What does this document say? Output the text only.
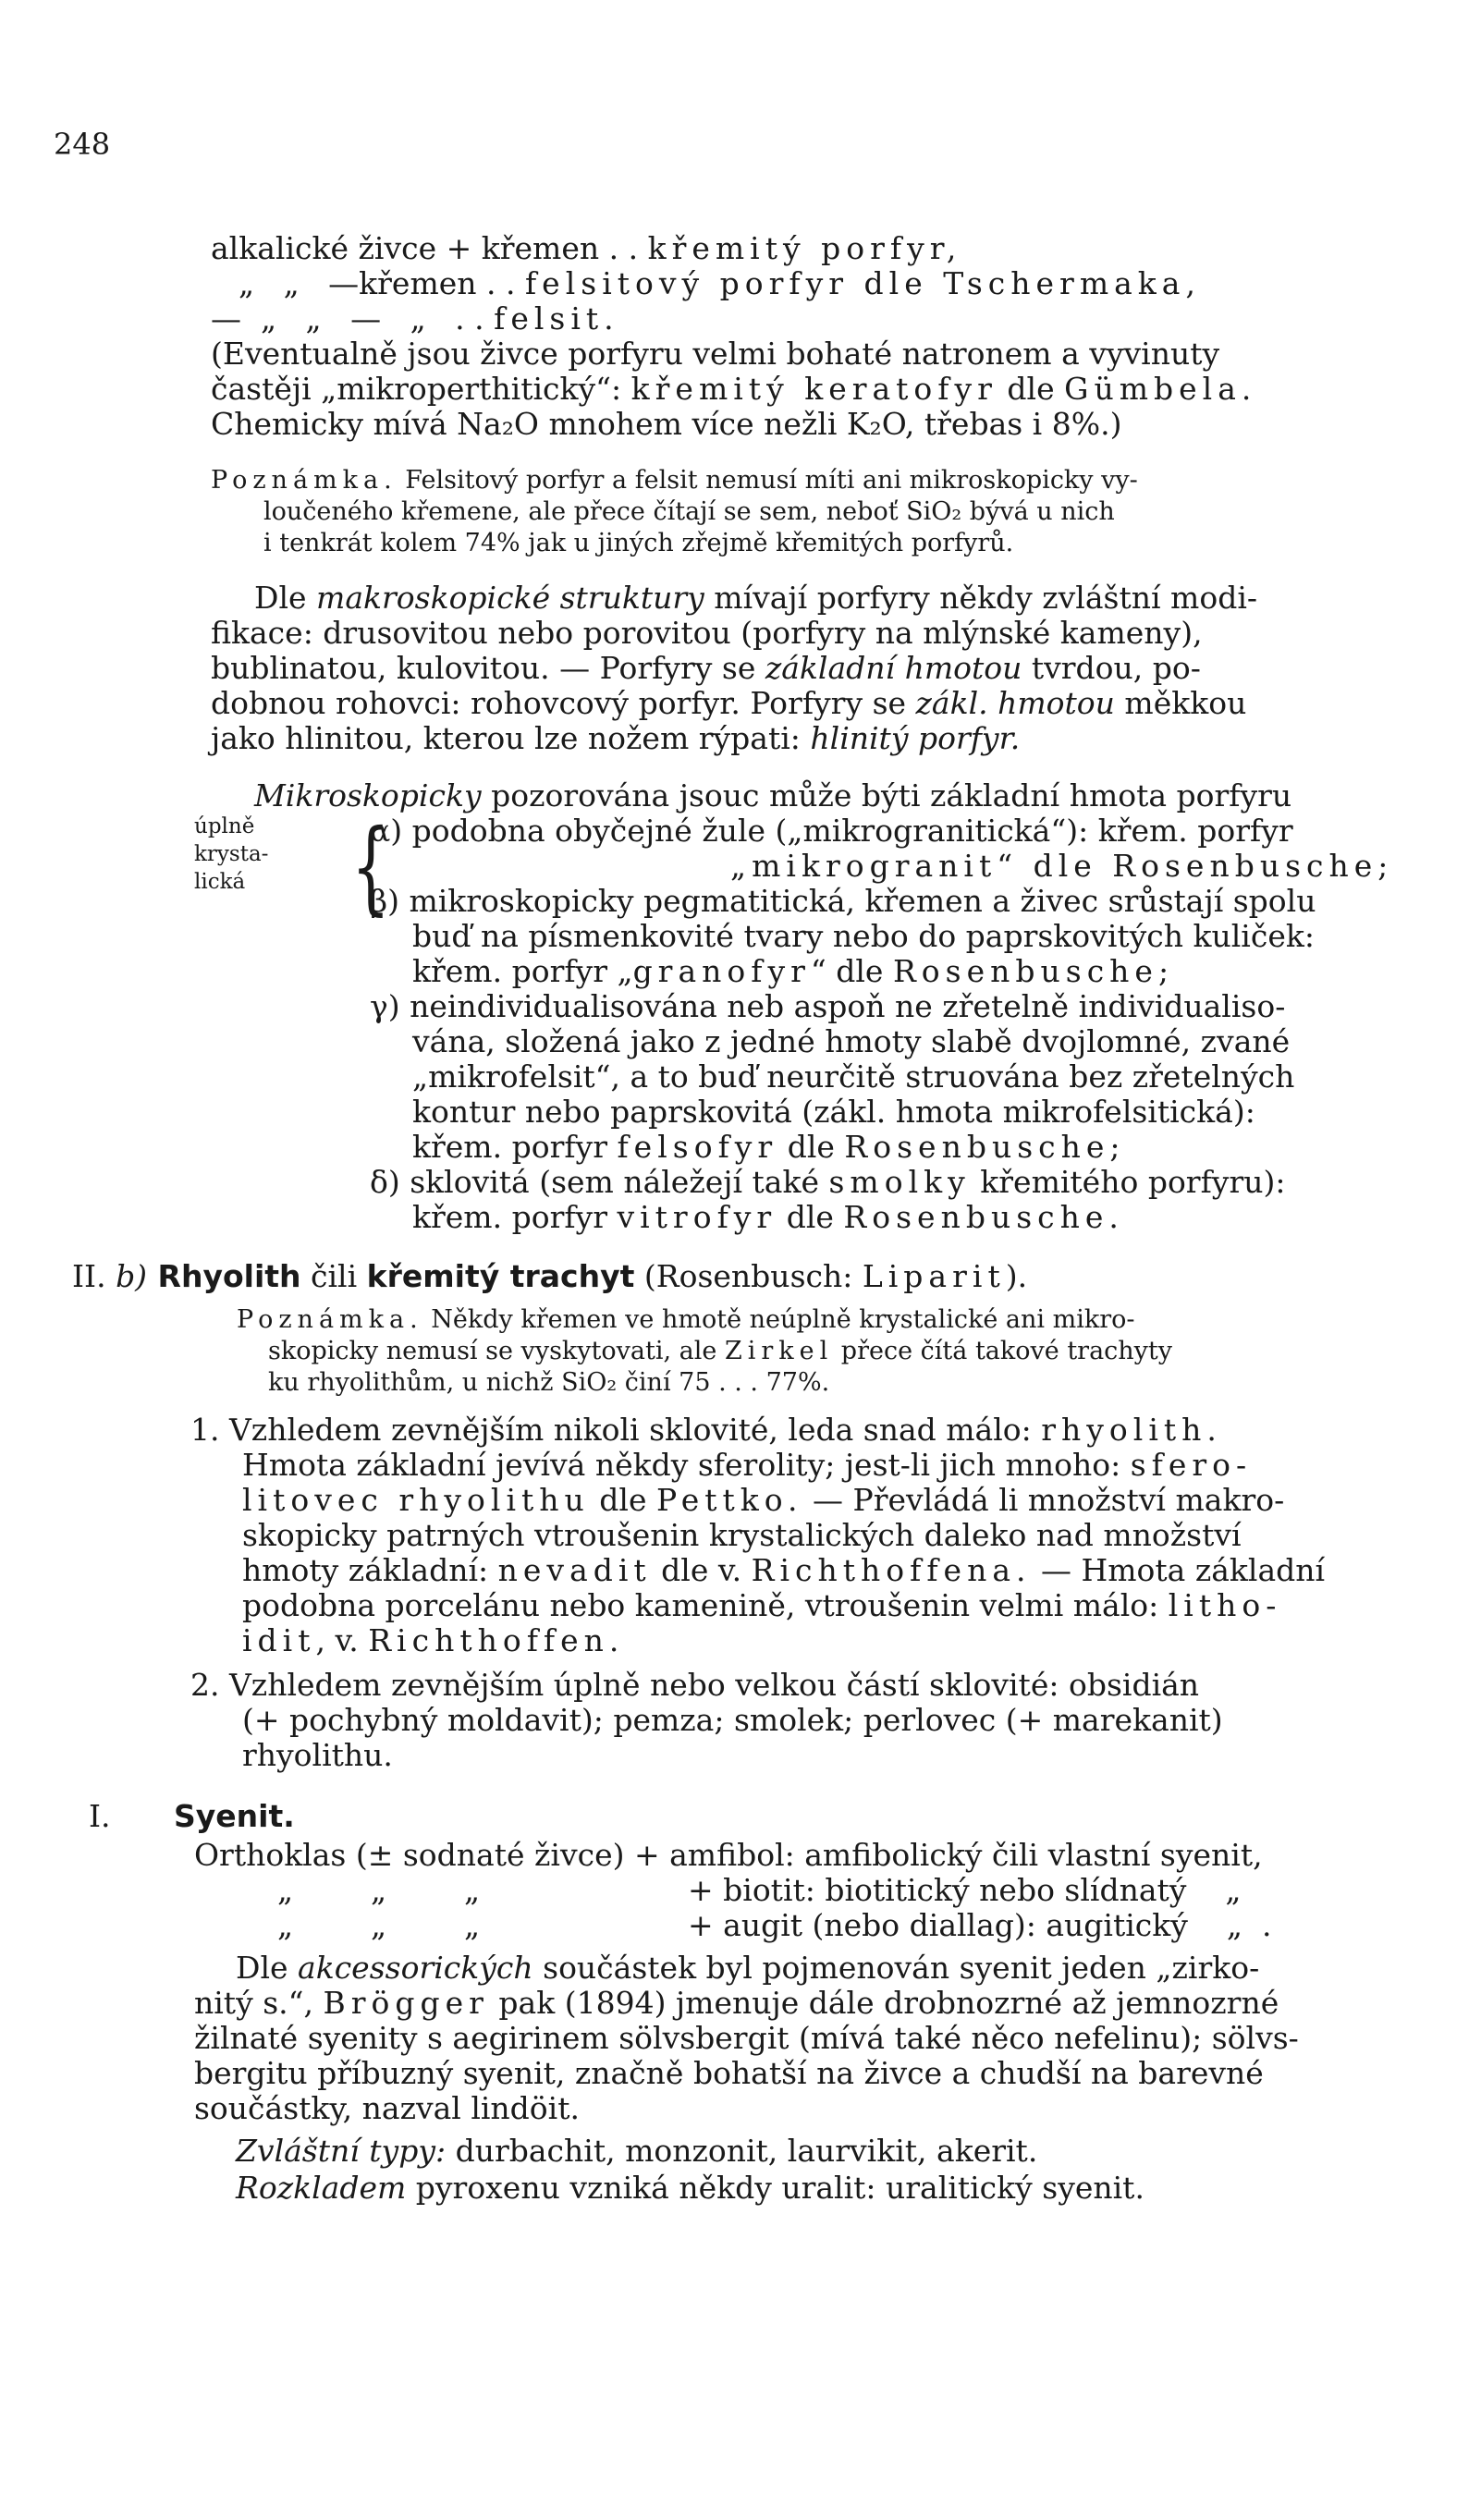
248
alkalické živce + křemen . . křemitý porfyr,
„   „   —křemen . . felsitový porfyr dle Tschermaka,
—  „   „   —   „   . . felsit.
(Eventualně jsou živce porfyru velmi bohaté natronem a vyvinuty
častěji „mikroperthitický“: křemitý keratofyr dle Gümbela.
Chemicky mívá Na₂O mnohem více nežli K₂O, třebas i 8%.)
Poznámka. Felsitový porfyr a felsit nemusí míti ani mikroskopicky vy-
loučeného křemene, ale přece čítají se sem, neboť SiO₂ bývá u nich
i tenkrát kolem 74% jak u jiných zřejmě křemitých porfyrů.
Dle makroskopické struktury mívají porfyry někdy zvláštní modi-
fikace: drusovitou nebo porovitou (porfyry na mlýnské kameny),
bublinatou, kulovitou. — Porfyry se základní hmotou tvrdou, po-
dobnou rohovci: rohovcový porfyr. Porfyry se zákl. hmotou měkkou
jako hlinitou, kterou lze nožem rýpati: hlinitý porfyr.
Mikroskopicky pozorována jsouc může býti základní hmota porfyru
úplně
krysta-
lická {
α) podobna obyčejné žule („mikrogranitická“): křem. porfyr
„mikrogranit“ dle Rosenbusche;
β) mikroskopicky pegmatitická, křemen a živec srůstají spolu
buď na písmenkovité tvary nebo do paprskovitých kuliček:
křem. porfyr „granofyr“ dle Rosenbusche;
γ) neindividualisována neb aspoň ne zřetelně individualiso-
vána, složená jako z jedné hmoty slabě dvojlomné, zvané
„mikrofelsit“, a to buď neurčitě struována bez zřetelných
kontur nebo paprskovitá (zákl. hmota mikrofelsitická):
křem. porfyr felsofyr dle Rosenbusche;
δ) sklovitá (sem náležejí také smolky křemitého porfyru):
křem. porfyr vitrofyr dle Rosenbusche.
II. b) Rhyolith čili křemitý trachyt (Rosenbusch: Liparit).
Poznámka. Někdy křemen ve hmotě neúplně krystalické ani mikro-
skopicky nemusí se vyskytovati, ale Zirkel přece čítá takové trachyty
ku rhyolithům, u nichž SiO₂ činí 75 . . . 77%.
1. Vzhledem zevnějším nikoli sklovité, leda snad málo: rhyolith.
Hmota základní jevívá někdy sferolity; jest-li jich mnoho: sfero-
litovec rhyolithu dle Pettko. — Převládá li množství makro-
skopicky patrných vtroušenin krystalických daleko nad množství
hmoty základní: nevadit dle v. Richthoffena. — Hmota základní
podobna porcelánu nebo kamenině, vtroušenin velmi málo: litho-
idit, v. Richthoffen.
2. Vzhledem zevnějším úplně nebo velkou částí sklovité: obsidián
(+ pochybný moldavit); pemza; smolek; perlovec (+ marekanit)
rhyolithu.
I. Syenit.
Orthoklas (± sodnaté živce) + amfibol: amfibolický čili vlastní syenit,
„        „        „	+ biotit: biotitický nebo slídnatý    „
„        „        „	+ augit (nebo diallag): augitický    „  .
Dle akcessorických součástek byl pojmenován syenit jeden „zirko-
nitý s.“, Brögger pak (1894) jmenuje dále drobnozrné až jemnozrné
žilnaté syenity s aegirinem sölvsbergit (mívá také něco nefelinu); sölvs-
bergitu příbuzný syenit, značně bohatší na živce a chudší na barevné
součástky, nazval lindöit.
Zvláštní typy: durbachit, monzonit, laurvikit, akerit.
Rozkladem pyroxenu vzniká někdy uralit: uralitický syenit.
